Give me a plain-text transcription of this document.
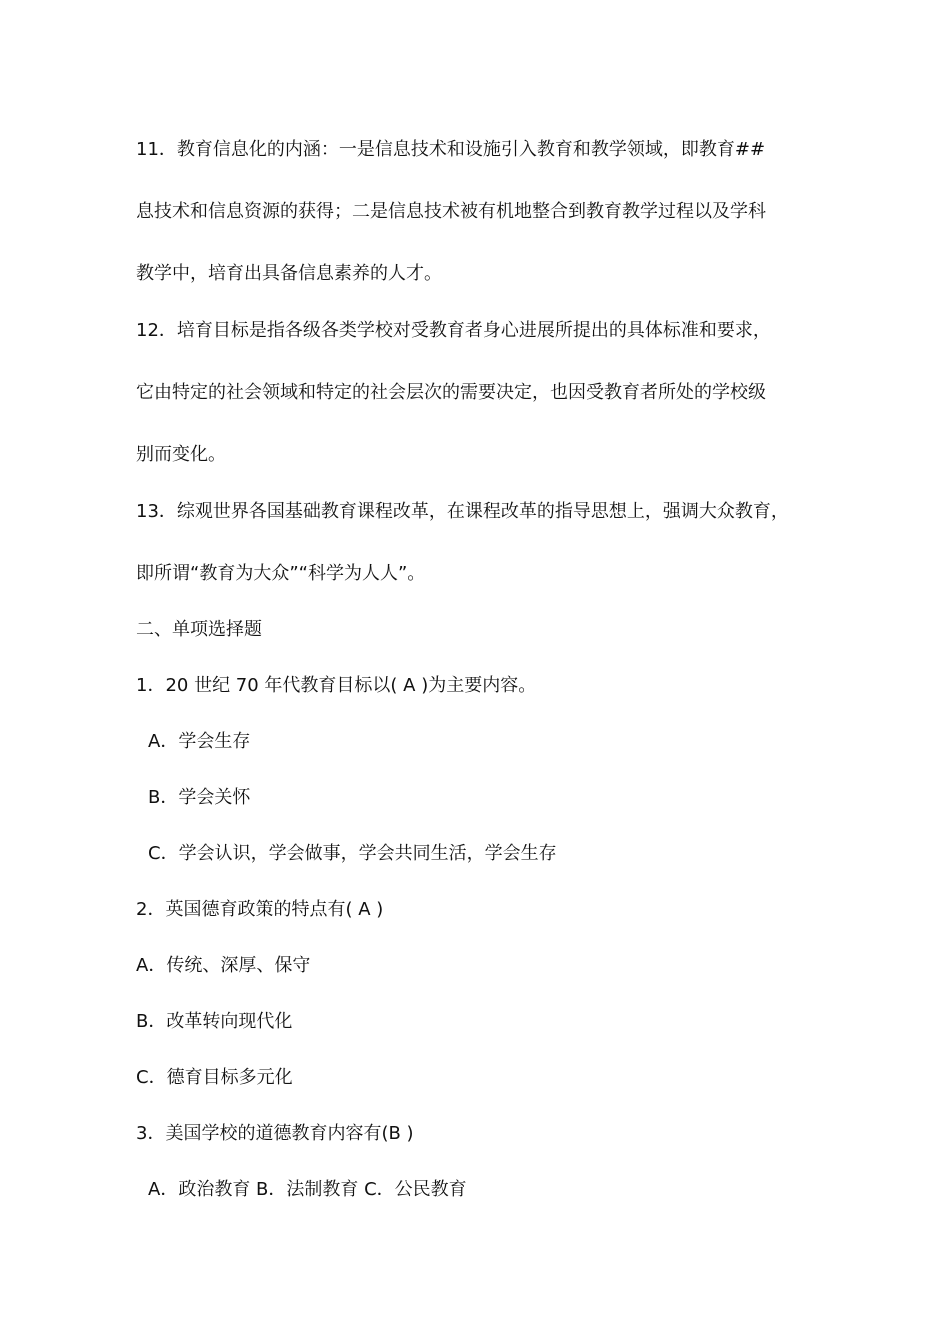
11．教育信息化的内涵：一是信息技术和设施引入教育和教学领域，即教育##

息技术和信息资源的获得；二是信息技术被有机地整合到教育教学过程以及学科

教学中，培育出具备信息素养的人才。

12．培育目标是指各级各类学校对受教育者身心进展所提出的具体标准和要求，

它由特定的社会领域和特定的社会层次的需要决定，也因受教育者所处的学校级

别而变化。

13．综观世界各国基础教育课程改革，在课程改革的指导思想上，强调大众教育，

即所谓“教育为大众”“科学为人人”。

二、单项选择题

1．20 世纪 70 年代教育目标以( A )为主要内容。

A．学会生存

B．学会关怀

C．学会认识，学会做事，学会共同生活，学会生存

2．英国德育政策的特点有( A )

A．传统、深厚、保守

B．改革转向现代化

C．德育目标多元化

3．美国学校的道德教育内容有(B )

A．政治教育 B．法制教育 C．公民教育
